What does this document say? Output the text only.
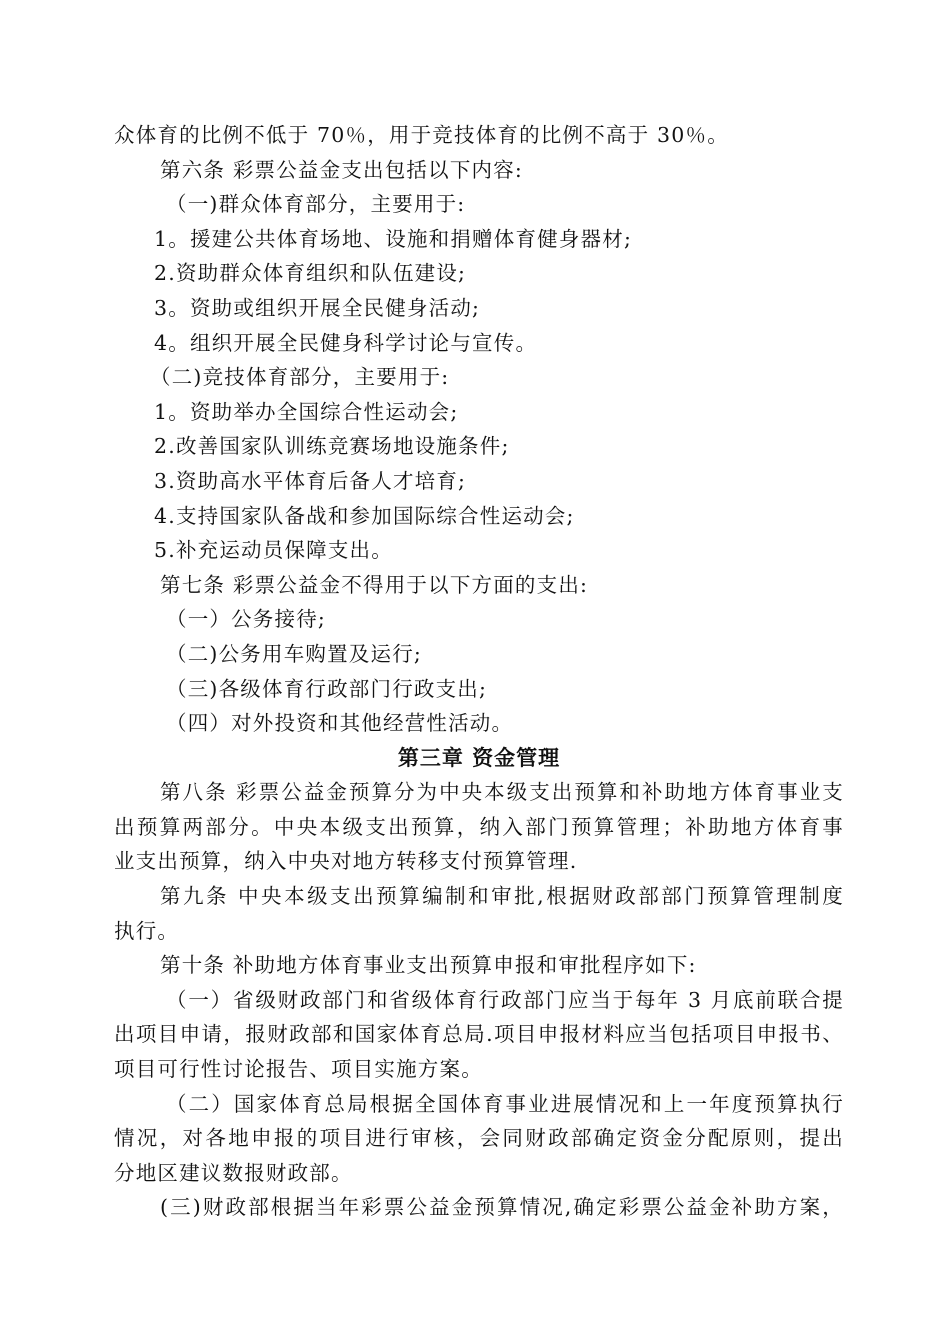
众体育的比例不低于 70％，用于竞技体育的比例不高于 30％。
第六条 彩票公益金支出包括以下内容:
（一)群众体育部分，主要用于:
1。援建公共体育场地、设施和捐赠体育健身器材;
2.资助群众体育组织和队伍建设;
3。资助或组织开展全民健身活动;
4。组织开展全民健身科学讨论与宣传。
（二)竞技体育部分，主要用于:
1。资助举办全国综合性运动会;
2.改善国家队训练竞赛场地设施条件;
3.资助高水平体育后备人才培育;
4.支持国家队备战和参加国际综合性运动会;
5.补充运动员保障支出。
第七条 彩票公益金不得用于以下方面的支出:
（一）公务接待;
（二)公务用车购置及运行;
（三)各级体育行政部门行政支出;
（四）对外投资和其他经营性活动。
第三章 资金管理
第八条 彩票公益金预算分为中央本级支出预算和补助地方体育事业支
出预算两部分。中央本级支出预算，纳入部门预算管理；补助地方体育事
业支出预算，纳入中央对地方转移支付预算管理.
第九条 中央本级支出预算编制和审批,根据财政部部门预算管理制度
执行。
第十条 补助地方体育事业支出预算申报和审批程序如下:
（一）省级财政部门和省级体育行政部门应当于每年 3 月底前联合提
出项目申请，报财政部和国家体育总局.项目申报材料应当包括项目申报书、
项目可行性讨论报告、项目实施方案。
（二）国家体育总局根据全国体育事业进展情况和上一年度预算执行
情况，对各地申报的项目进行审核，会同财政部确定资金分配原则，提出
分地区建议数报财政部。
(三)财政部根据当年彩票公益金预算情况,确定彩票公益金补助方案，
